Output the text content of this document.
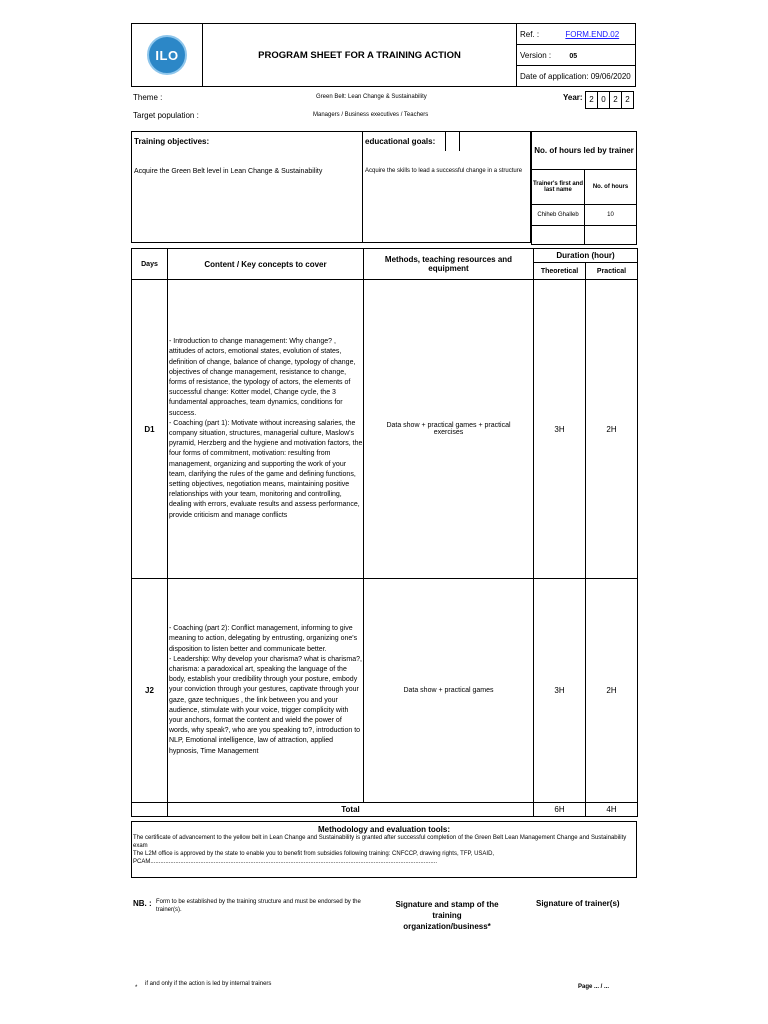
ILO	PROGRAM SHEET FOR A TRAINING ACTION	Ref. :	FORM.END.02
Version :	05
Date of application: 09/06/2020
Theme :	Green Belt: Lean Change & Sustainability	Year: 2 0 2 2
Target population :	Managers / Business executives / Teachers
Training objectives:
Acquire the Green Belt level in Lean Change & Sustainability
educational goals:
Acquire the skills to lead a successful change in a structure
No. of hours led by trainer	
Trainer's first and last name	No. of hours
Chiheb Ghalleb	10

Days	Content / Key concepts to cover	Methods, teaching resources and equipment	Duration (hour)	
			Theoretical	Practical
D1	- Introduction to change management: Why change? , attitudes of actors, emotional states, evolution of states, definition of change, balance of change, typology of change, objectives of change management, resistance to change, forms of resistance, the typology of actors, the elements of successful change: Kotter model, Change cycle, the 3 fundamental approaches, team dynamics, conditions for success.
- Coaching (part 1): Motivate without increasing salaries, the company situation, structures, managerial culture, Maslow's pyramid, Herzberg and the hygiene and motivation factors, the four forms of commitment, motivation: resulting from management, organizing and supporting the work of your team, clarifying the rules of the game and defining functions, setting objectives, negotiation means, maintaining positive relationships with your team, monitoring and controlling, dealing with errors, evaluate results and assess performance, provide criticism and manage conflicts	Data show + practical games + practical exercises	3H	2H
J2	- Coaching (part 2): Conflict management, informing to give meaning to action, delegating by entrusting, organizing one's disposition to listen better and communicate better.
- Leadership: Why develop your charisma? what is charisma?, charisma: a paradoxical art, speaking the language of the body, establish your credibility through your posture, embody your conviction through your gestures, captivate through your gaze, gaze techniques , the link between you and your audience, stimulate with your voice, trigger complicity with your anchors, format the content and wield the power of words, why speak?, who are you speaking to?, introduction to NLP, Emotional intelligence, law of attraction, applied hypnosis, Time Management	Data show + practical games	3H	2H
	Total		6H	4H
Methodology and evaluation tools:
The certificate of advancement to the yellow belt in Lean Change and Sustainability is granted after successful completion of the Green Belt Lean Management Change and Sustainability exam
The L2M office is approved by the state to enable you to benefit from subsidies following training: CNFCCP, drawing rights, TFP, USAID,
PCAM............................................................................................................................................................................
NB. : Form to be established by the training structure and must be endorsed by the trainer(s).
Signature and stamp of the training organization/business*
Signature of trainer(s)
*
if and only if the action is led by internal trainers	Page ... / ...
